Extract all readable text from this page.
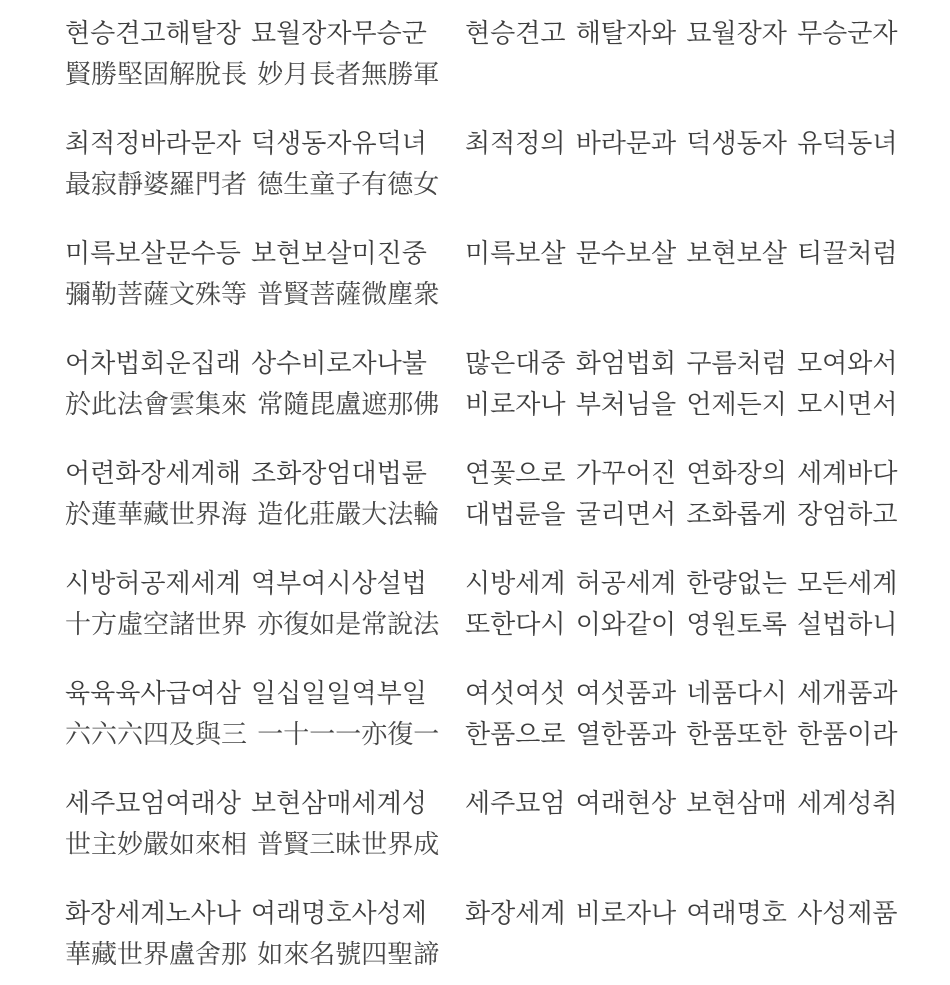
현승견고해탈장 묘월장자무승군
賢勝堅固解脫長 妙月長者無勝軍
현승견고 해탈자와 묘월장자 무승군자
최적정바라문자 덕생동자유덕녀
最寂靜婆羅門者 德生童子有德女
최적정의 바라문과 덕생동자 유덕동녀
미륵보살문수등 보현보살미진중
彌勒菩薩文殊等 普賢菩薩微塵衆
미륵보살 문수보살 보현보살 티끌처럼
어차법회운집래 상수비로자나불
於此法會雲集來 常隨毘盧遮那佛
많은대중 화엄법회 구름처럼 모여와서
비로자나 부처님을 언제든지 모시면서
어련화장세계해 조화장엄대법륜
於蓮華藏世界海 造化莊嚴大法輪
연꽃으로 가꾸어진 연화장의 세계바다
대법륜을 굴리면서 조화롭게 장엄하고
시방허공제세계 역부여시상설법
十方虛空諸世界 亦復如是常說法
시방세계 허공세계 한량없는 모든세계
또한다시 이와같이 영원토록 설법하니
육육육사급여삼 일십일일역부일
六六六四及與三 一十一一亦復一
여섯여섯 여섯품과 네품다시 세개품과
한품으로 열한품과 한품또한 한품이라
세주묘엄여래상 보현삼매세계성
世主妙嚴如來相 普賢三昧世界成
세주묘엄 여래현상 보현삼매 세계성취
화장세계노사나 여래명호사성제
華藏世界盧舍那 如來名號四聖諦
화장세계 비로자나 여래명호 사성제품
